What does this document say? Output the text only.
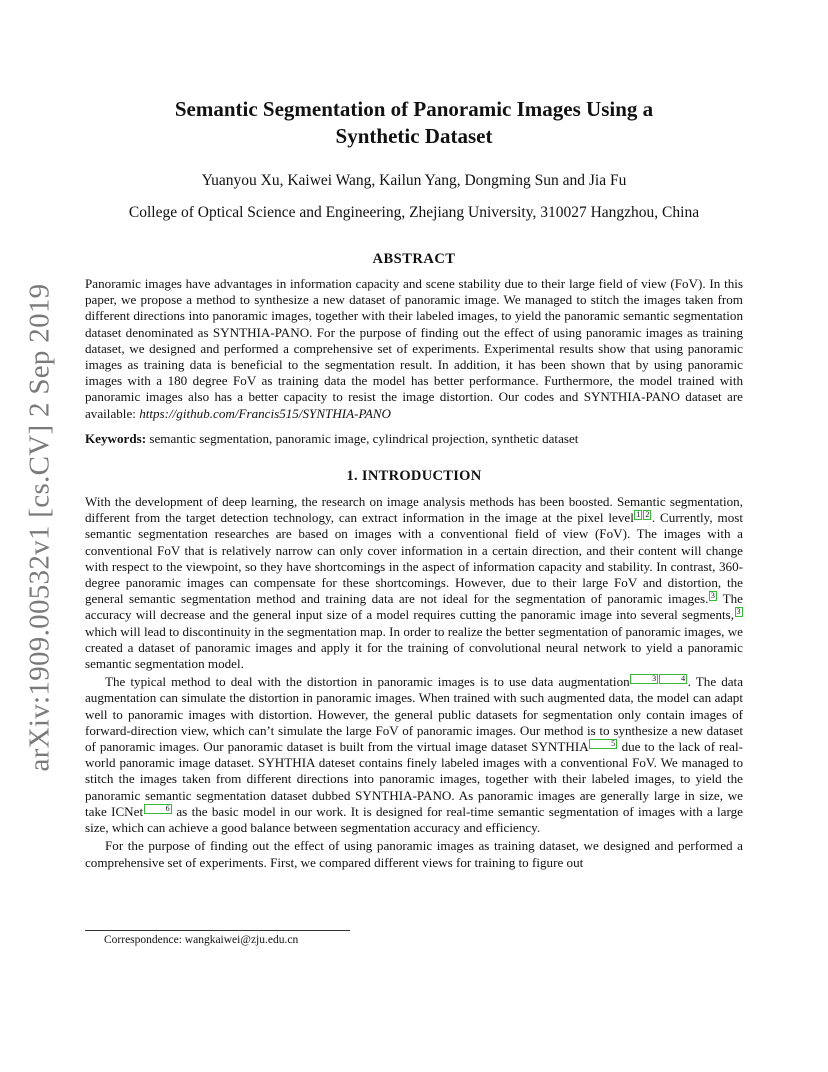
arXiv:1909.00532v1 [cs.CV] 2 Sep 2019
Semantic Segmentation of Panoramic Images Using a
Synthetic Dataset
Yuanyou Xu, Kaiwei Wang, Kailun Yang, Dongming Sun and Jia Fu
College of Optical Science and Engineering, Zhejiang University, 310027 Hangzhou, China
ABSTRACT

Panoramic images have advantages in information capacity and scene stability due to their large field of view (FoV). In this paper, we propose a method to synthesize a new dataset of panoramic image. We managed to stitch the images taken from different directions into panoramic images, together with their labeled images, to yield the panoramic semantic segmentation dataset denominated as SYNTHIA-PANO. For the purpose of finding out the effect of using panoramic images as training dataset, we designed and performed a comprehensive set of experiments. Experimental results show that using panoramic images as training data is beneficial to the segmentation result. In addition, it has been shown that by using panoramic images with a 180 degree FoV as training data the model has better performance. Furthermore, the model trained with panoramic images also has a better capacity to resist the image distortion. Our codes and SYNTHIA-PANO dataset are available: https://github.com/Francis515/SYNTHIA-PANO

Keywords: semantic segmentation, panoramic image, cylindrical projection, synthetic dataset
1. INTRODUCTION

With the development of deep learning, the research on image analysis methods has been boosted. Semantic segmentation, different from the target detection technology, can extract information in the image at the pixel level 1 2 . Currently, most semantic segmentation researches are based on images with a conventional field of view (FoV). The images with a conventional FoV that is relatively narrow can only cover information in a certain direction, and their content will change with respect to the viewpoint, so they have shortcomings in the aspect of information capacity and stability. In contrast, 360-degree panoramic images can compensate for these shortcomings. However, due to their large FoV and distortion, the general semantic segmentation method and training data are not ideal for the segmentation of panoramic images. 3 The accuracy will decrease and the general input size of a model requires cutting the panoramic image into several segments, 3 which will lead to discontinuity in the segmentation map. In order to realize the better segmentation of panoramic images, we created a dataset of panoramic images and apply it for the training of convolutional neural network to yield a panoramic semantic segmentation model.

The typical method to deal with the distortion in panoramic images is to use data augmentation	3	4 . The data augmentation can simulate the distortion in panoramic images. When trained with such augmented data, the model can adapt well to panoramic images with distortion. However, the general public datasets for segmentation only contain images of forward-direction view, which can’t simulate the large FoV of panoramic images. Our method is to synthesize a new dataset of panoramic images. Our panoramic dataset is built from the virtual image dataset SYNTHIA	5 due to the lack of real-world panoramic image dataset. SYHTHIA dateset contains finely labeled images with a conventional FoV. We managed to stitch the images taken from different directions into panoramic images, together with their labeled images, to yield the panoramic semantic segmentation dataset dubbed SYNTHIA-PANO. As panoramic images are generally large in size, we take ICNet	6 as the basic model in our work. It is designed for real-time semantic segmentation of images with a large size, which can achieve a good balance between segmentation accuracy and efficiency.

For the purpose of finding out the effect of using panoramic images as training dataset, we designed and performed a comprehensive set of experiments. First, we compared different views for training to figure out

Correspondence: wangkaiwei@zju.edu.cn
